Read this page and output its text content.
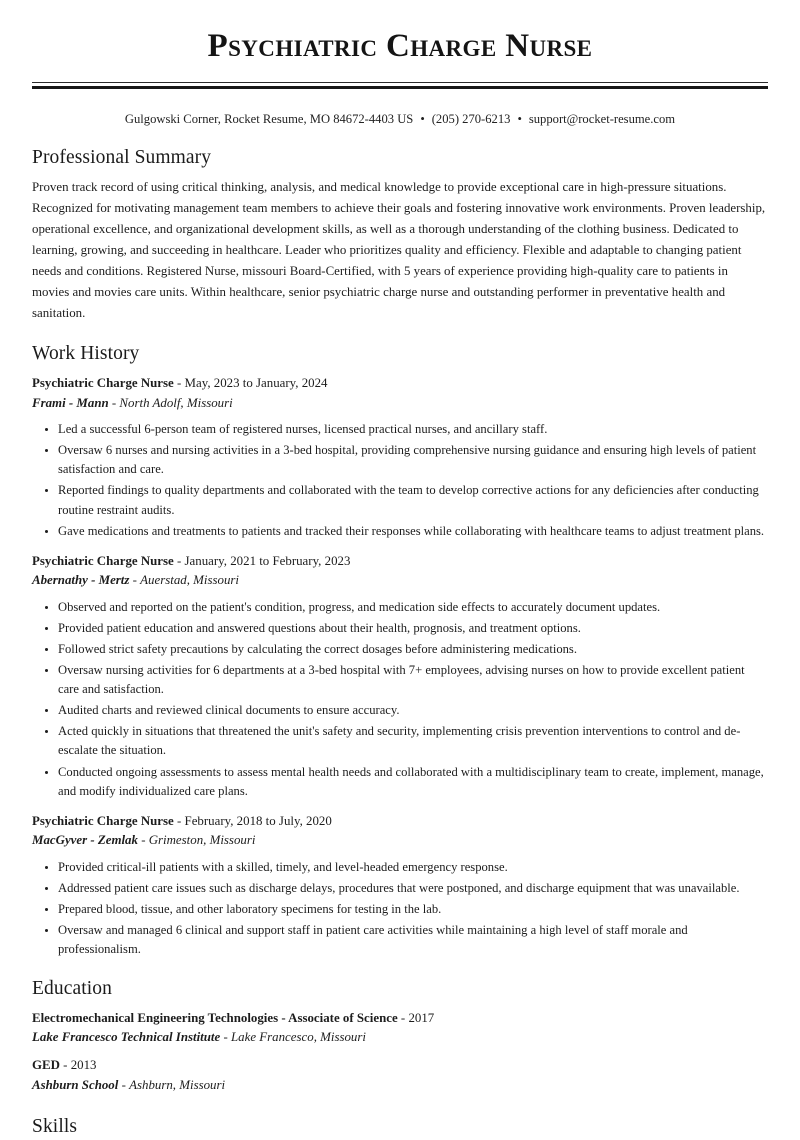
Psychiatric Charge Nurse
Gulgowski Corner, Rocket Resume, MO 84672-4403 US • (205) 270-6213 • support@rocket-resume.com
Professional Summary

Proven track record of using critical thinking, analysis, and medical knowledge to provide exceptional care in high-pressure situations. Recognized for motivating management team members to achieve their goals and fostering innovative work environments. Proven leadership, operational excellence, and organizational development skills, as well as a thorough understanding of the clothing business. Dedicated to learning, growing, and succeeding in healthcare. Leader who prioritizes quality and efficiency. Flexible and adaptable to changing patient needs and conditions. Registered Nurse, missouri Board-Certified, with 5 years of experience providing high-quality care to patients in movies and movies care units. Within healthcare, senior psychiatric charge nurse and outstanding performer in preventative health and sanitation.

Work History
Psychiatric Charge Nurse - May, 2023 to January, 2024
Frami - Mann - North Adolf, Missouri
Led a successful 6-person team of registered nurses, licensed practical nurses, and ancillary staff.
Oversaw 6 nurses and nursing activities in a 3-bed hospital, providing comprehensive nursing guidance and ensuring high levels of patient satisfaction and care.
Reported findings to quality departments and collaborated with the team to develop corrective actions for any deficiencies after conducting routine restraint audits.
Gave medications and treatments to patients and tracked their responses while collaborating with healthcare teams to adjust treatment plans.
Psychiatric Charge Nurse - January, 2021 to February, 2023
Abernathy - Mertz - Auerstad, Missouri
Observed and reported on the patient's condition, progress, and medication side effects to accurately document updates.
Provided patient education and answered questions about their health, prognosis, and treatment options.
Followed strict safety precautions by calculating the correct dosages before administering medications.
Oversaw nursing activities for 6 departments at a 3-bed hospital with 7+ employees, advising nurses on how to provide excellent patient care and satisfaction.
Audited charts and reviewed clinical documents to ensure accuracy.
Acted quickly in situations that threatened the unit's safety and security, implementing crisis prevention interventions to control and de-escalate the situation.
Conducted ongoing assessments to assess mental health needs and collaborated with a multidisciplinary team to create, implement, manage, and modify individualized care plans.
Psychiatric Charge Nurse - February, 2018 to July, 2020
MacGyver - Zemlak - Grimeston, Missouri
Provided critical-ill patients with a skilled, timely, and level-headed emergency response.
Addressed patient care issues such as discharge delays, procedures that were postponed, and discharge equipment that was unavailable.
Prepared blood, tissue, and other laboratory specimens for testing in the lab.
Oversaw and managed 6 clinical and support staff in patient care activities while maintaining a high level of staff morale and professionalism.
Education
Electromechanical Engineering Technologies - Associate of Science - 2017
Lake Francesco Technical Institute - Lake Francesco, Missouri
GED - 2013
Ashburn School - Ashburn, Missouri
Skills
